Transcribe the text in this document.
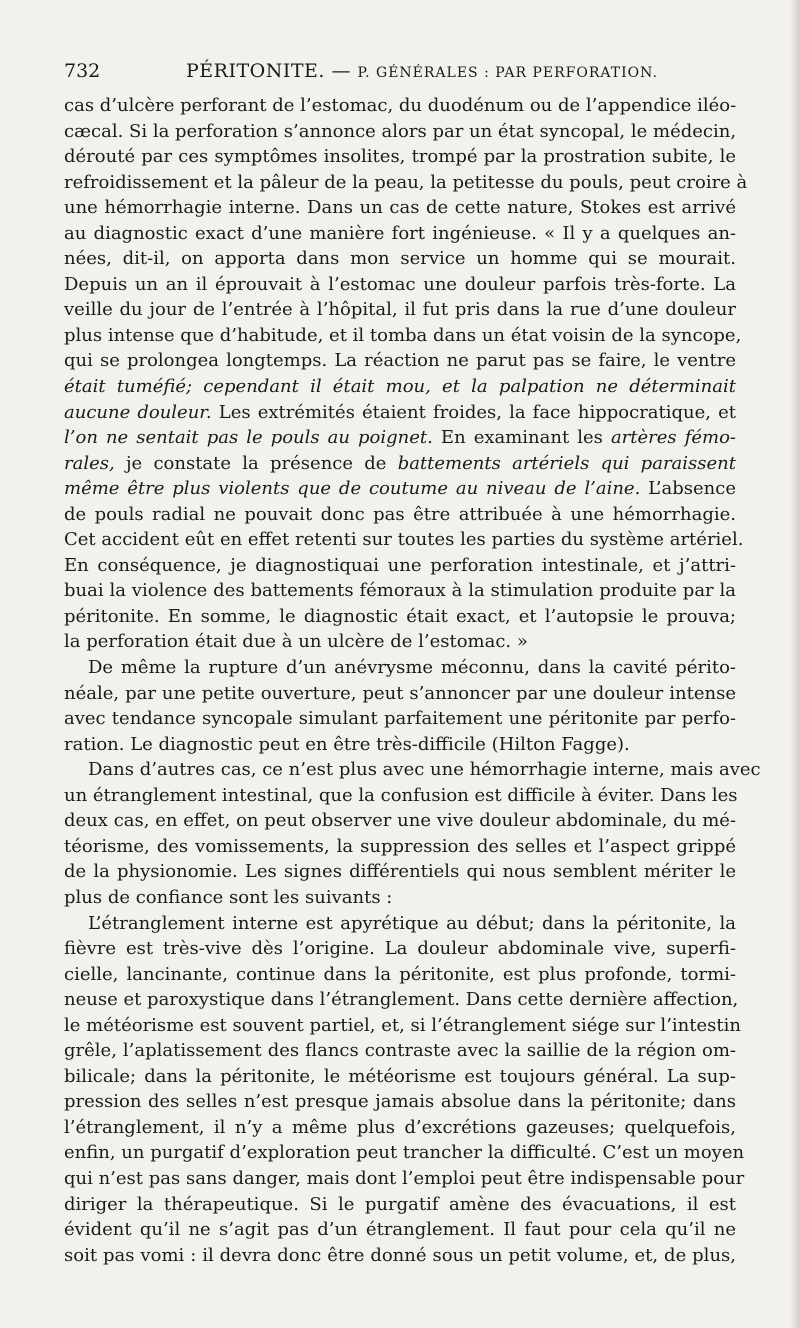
732	PÉRITONITE. — P. GÉNÉRALES : PAR PERFORATION.
cas d’ulcère perforant de l’estomac, du duodénum ou de l’appendice iléo-
cæcal. Si la perforation s’annonce alors par un état syncopal, le médecin,
dérouté par ces symptômes insolites, trompé par la prostration subite, le
refroidissement et la pâleur de la peau, la petitesse du pouls, peut croire à
une hémorrhagie interne. Dans un cas de cette nature, Stokes est arrivé
au diagnostic exact d’une manière fort ingénieuse. « Il y a quelques an-
nées, dit-il, on apporta dans mon service un homme qui se mourait.
Depuis un an il éprouvait à l’estomac une douleur parfois très-forte. La
veille du jour de l’entrée à l’hôpital, il fut pris dans la rue d’une douleur
plus intense que d’habitude, et il tomba dans un état voisin de la syncope,
qui se prolongea longtemps. La réaction ne parut pas se faire, le ventre
était tuméfié; cependant il était mou, et la palpation ne déterminait
aucune douleur. Les extrémités étaient froides, la face hippocratique, et
l’on ne sentait pas le pouls au poignet. En examinant les artères fémo-
rales, je constate la présence de battements artériels qui paraissent
même être plus violents que de coutume au niveau de l’aine. L’absence
de pouls radial ne pouvait donc pas être attribuée à une hémorrhagie.
Cet accident eût en effet retenti sur toutes les parties du système artériel.
En conséquence, je diagnostiquai une perforation intestinale, et j’attri-
buai la violence des battements fémoraux à la stimulation produite par la
péritonite. En somme, le diagnostic était exact, et l’autopsie le prouva;
la perforation était due à un ulcère de l’estomac. »
De même la rupture d’un anévrysme méconnu, dans la cavité périto-
néale, par une petite ouverture, peut s’annoncer par une douleur intense
avec tendance syncopale simulant parfaitement une péritonite par perfo-
ration. Le diagnostic peut en être très-difficile (Hilton Fagge).
Dans d’autres cas, ce n’est plus avec une hémorrhagie interne, mais avec
un étranglement intestinal, que la confusion est difficile à éviter. Dans les
deux cas, en effet, on peut observer une vive douleur abdominale, du mé-
téorisme, des vomissements, la suppression des selles et l’aspect grippé
de la physionomie. Les signes différentiels qui nous semblent mériter le
plus de confiance sont les suivants :
L’étranglement interne est apyrétique au début; dans la péritonite, la
fièvre est très-vive dès l’origine. La douleur abdominale vive, superfi-
cielle, lancinante, continue dans la péritonite, est plus profonde, tormi-
neuse et paroxystique dans l’étranglement. Dans cette dernière affection,
le météorisme est souvent partiel, et, si l’étranglement siége sur l’intestin
grêle, l’aplatissement des flancs contraste avec la saillie de la région om-
bilicale; dans la péritonite, le météorisme est toujours général. La sup-
pression des selles n’est presque jamais absolue dans la péritonite; dans
l’étranglement, il n’y a même plus d’excrétions gazeuses; quelquefois,
enfin, un purgatif d’exploration peut trancher la difficulté. C’est un moyen
qui n’est pas sans danger, mais dont l’emploi peut être indispensable pour
diriger la thérapeutique. Si le purgatif amène des évacuations, il est
évident qu’il ne s’agit pas d’un étranglement. Il faut pour cela qu’il ne
soit pas vomi : il devra donc être donné sous un petit volume, et, de plus,
